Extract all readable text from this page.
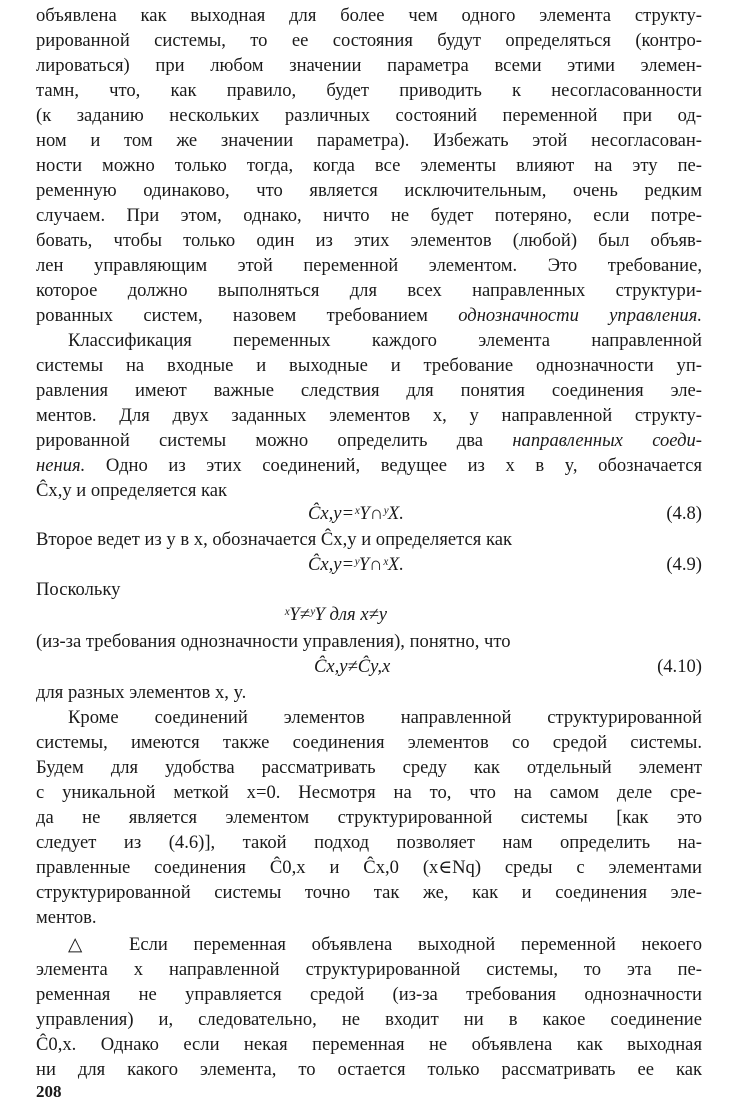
объявлена как выходная для более чем одного элемента структу-
рированной системы, то ее состояния будут определяться (контро-
лироваться) при любом значении параметра всеми этими элемен-
тамн, что, как правило, будет приводить к несогласованности
(к заданию нескольких различных состояний переменной при од-
ном и том же значении параметра). Избежать этой несогласован-
ности можно только тогда, когда все элементы влияют на эту пе-
ременную одинаково, что является исключительным, очень редким
случаем. При этом, однако, ничто не будет потеряно, если потре-
бовать, чтобы только один из этих элементов (любой) был объяв-
лен управляющим этой переменной элементом. Это требование,
которое должно выполняться для всех направленных структури-
рованных систем, назовем требованием однозначности управления.
Классификация переменных каждого элемента направленной
системы на входные и выходные и требование однозначности уп-
равления имеют важные следствия для понятия соединения эле-
ментов. Для двух заданных элементов x, y направленной структу-
рированной системы можно определить два направленных соеди-
нения. Одно из этих соединений, ведущее из x в y, обозначается
Ĉx,y и определяется как
Ĉx,y=ˣY∩ʸX.	(4.8)
Второе ведет из y в x, обозначается Ĉx,y и определяется как
Ĉx,y=ʸY∩ˣX.	(4.9)
Поскольку
ˣY≠ʸY для x≠y
(из-за требования однозначности управления), понятно, что
Ĉx,y≠Ĉy,x	(4.10)
для разных элементов x, y.
Кроме соединений элементов направленной структурированной
системы, имеются также соединения элементов со средой системы.
Будем для удобства рассматривать среду как отдельный элемент
с уникальной меткой x=0. Несмотря на то, что на самом деле сре-
да не является элементом структурированной системы [как это
следует из (4.6)], такой подход позволяет нам определить на-
правленные соединения Ĉ0,x и Ĉx,0 (x∈Nq) среды с элементами
структурированной системы точно так же, как и соединения эле-
ментов.
△ Если переменная объявлена выходной переменной некоего
элемента x направленной структурированной системы, то эта пе-
ременная не управляется средой (из-за требования однозначности
управления) и, следовательно, не входит ни в какое соединение
Ĉ0,x. Однако если некая переменная не объявлена как выходная
ни для какого элемента, то остается только рассматривать ее как
208
